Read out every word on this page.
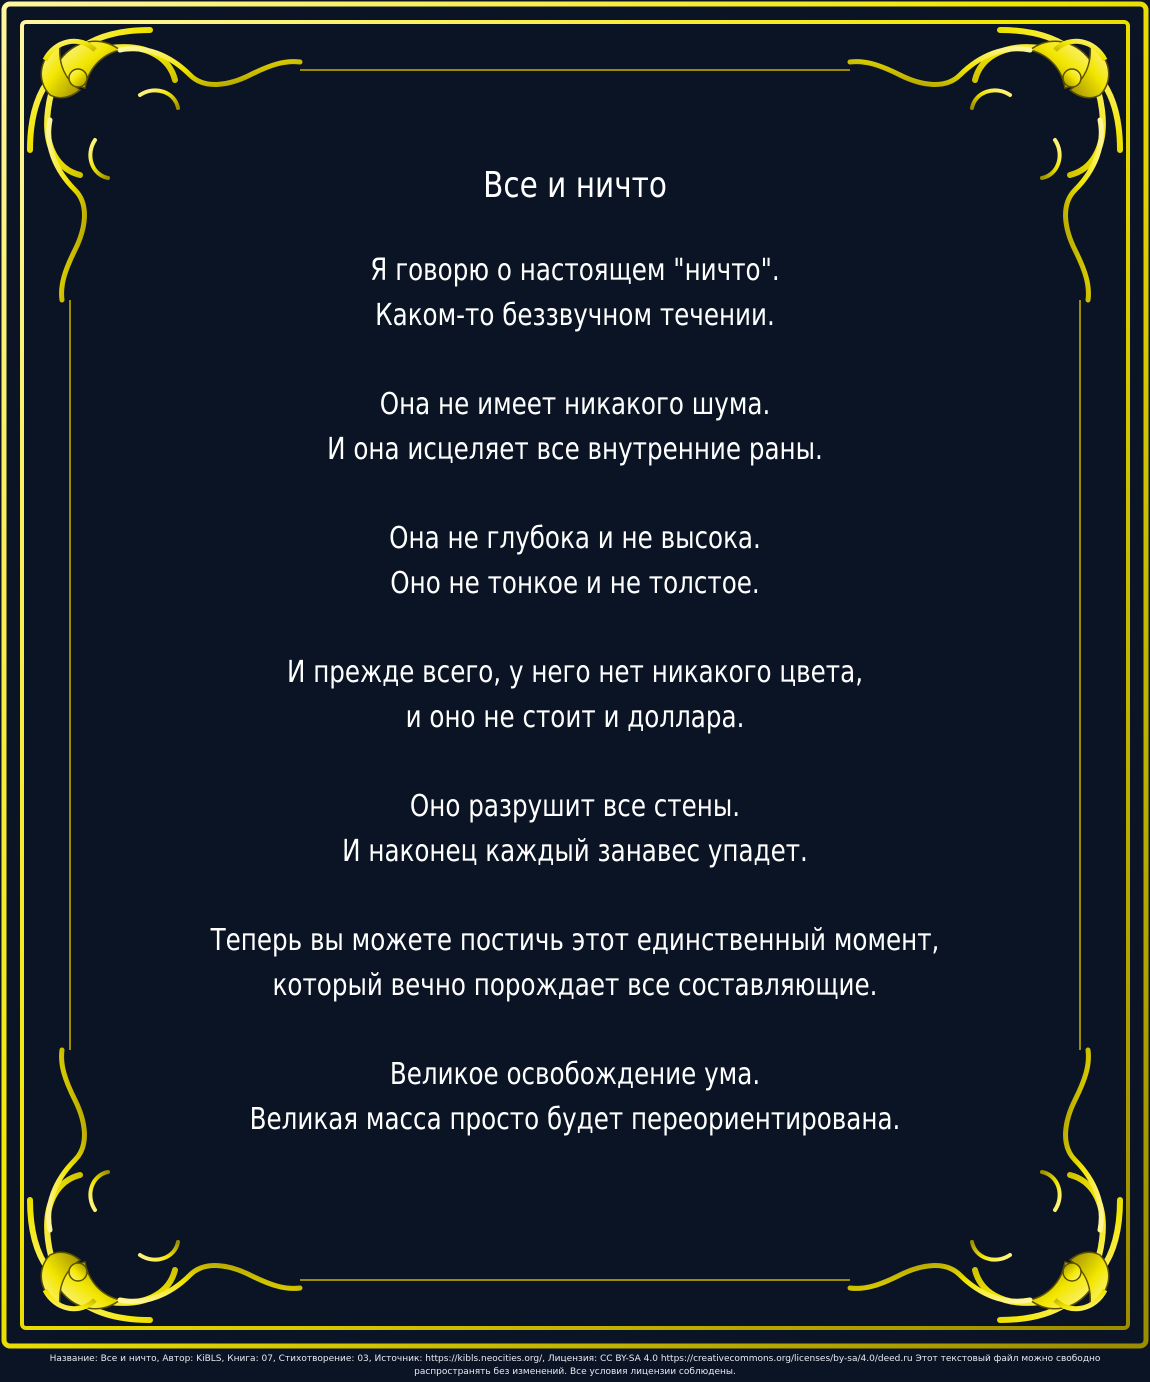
Все и ничто
Я говорю о настоящем "ничто".
Каком-то беззвучном течении.
Она не имеет никакого шума.
И она исцеляет все внутренние раны.
Она не глубока и не высока.
Оно не тонкое и не толстое.
И прежде всего, у него нет никакого цвета,
и оно не стоит и доллара.
Оно разрушит все стены.
И наконец каждый занавес упадет.
Теперь вы можете постичь этот единственный момент,
который вечно порождает все составляющие.
Великое освобождение ума.
Великая масса просто будет переориентирована.
Название: Все и ничто, Автор: KiBLS, Книга: 07, Стихотворение: 03, Источник: https://kibls.neocities.org/, Лицензия: CC BY-SA 4.0 https://creativecommons.org/licenses/by-sa/4.0/deed.ru Этот текстовый файл можно свободно распространять без изменений. Все условия лицензии соблюдены.
